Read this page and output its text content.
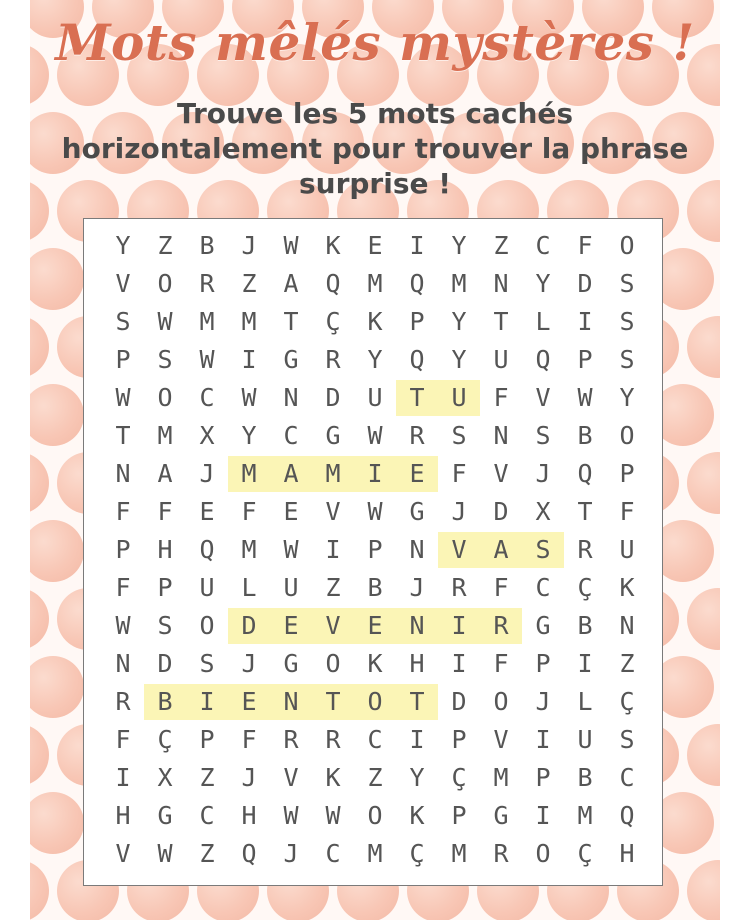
Mots mêlés mystères !
Trouve les 5 mots cachés horizontalement pour trouver la phrase surprise !
Y	Z	B	J	W	K	E	I	Y	Z	C	F	O
V	O	R	Z	A	Q	M	Q	M	N	Y	D	S
S	W	M	M	T	Ç	K	P	Y	T	L	I	S
P	S	W	I	G	R	Y	Q	Y	U	Q	P	S
W	O	C	W	N	D	U	T	U	F	V	W	Y
T	M	X	Y	C	G	W	R	S	N	S	B	O
N	A	J	M	A	M	I	E	F	V	J	Q	P
F	F	E	F	E	V	W	G	J	D	X	T	F
P	H	Q	M	W	I	P	N	V	A	S	R	U
F	P	U	L	U	Z	B	J	R	F	C	Ç	K
W	S	O	D	E	V	E	N	I	R	G	B	N
N	D	S	J	G	O	K	H	I	F	P	I	Z
R	B	I	E	N	T	O	T	D	O	J	L	Ç
F	Ç	P	F	R	R	C	I	P	V	I	U	S
I	X	Z	J	V	K	Z	Y	Ç	M	P	B	C
H	G	C	H	W	W	O	K	P	G	I	M	Q
V	W	Z	Q	J	C	M	Ç	M	R	O	Ç	H
